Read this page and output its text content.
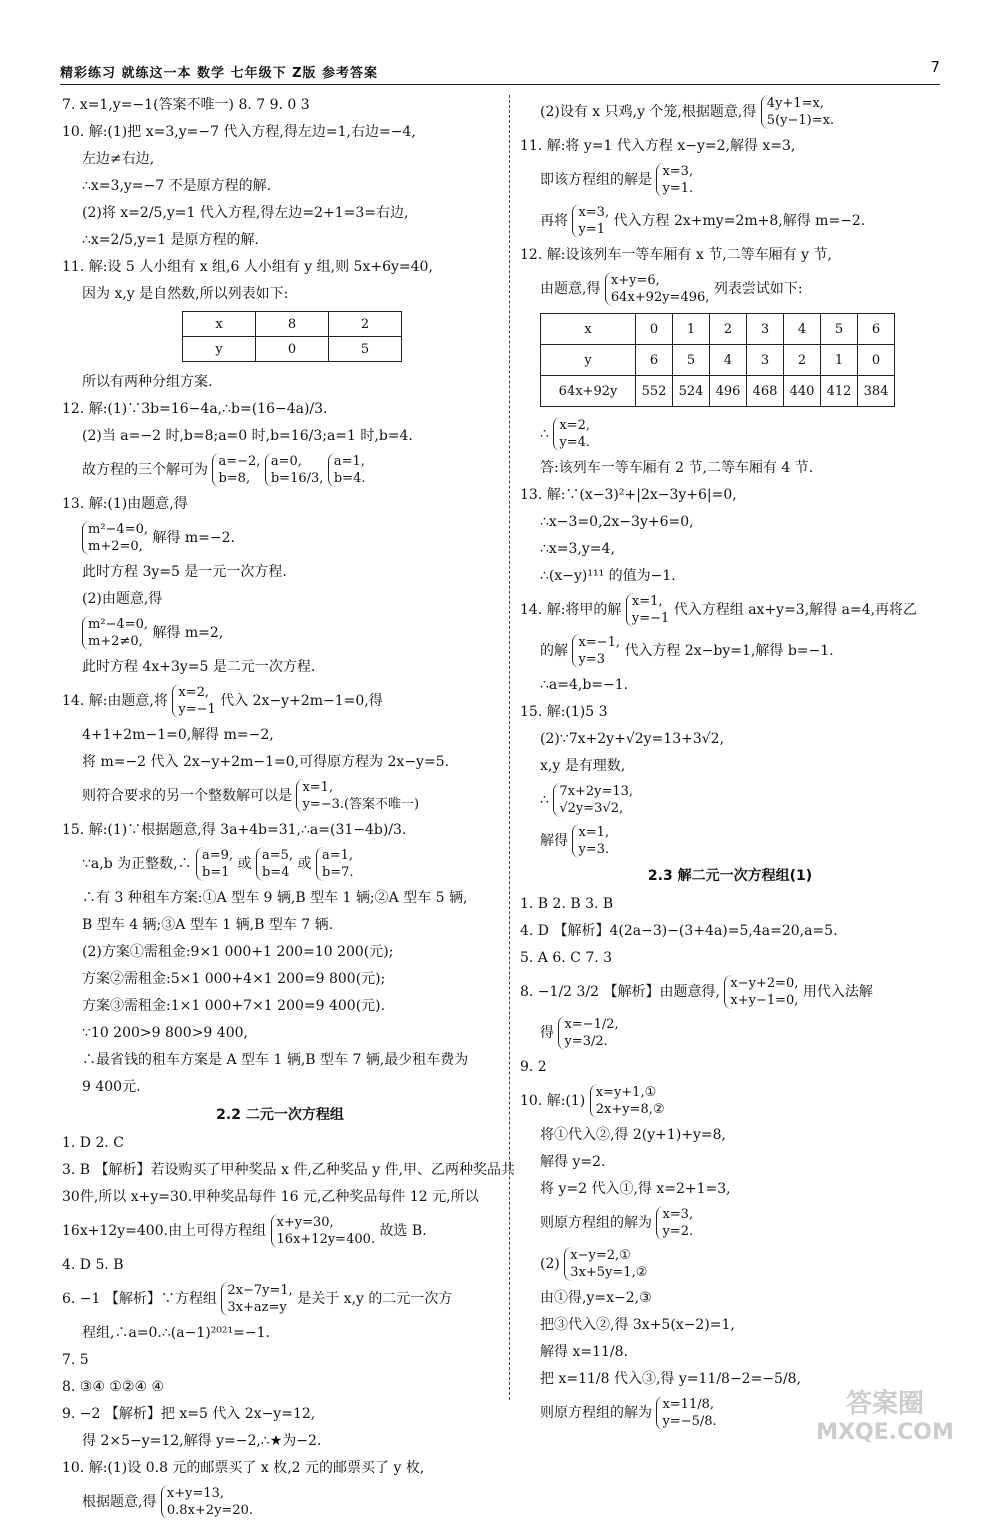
精彩练习 就练这一本 数学 七年级下 Z版 参考答案	7

7. x=1,y=−1(答案不唯一) 8. 7 9. 0 3

10. 解:(1)把 x=3,y=−7 代入方程,得左边=1,右边=−4,

左边≠右边,

∴x=3,y=−7 不是原方程的解.

(2)将 x=2/5,y=1 代入方程,得左边=2+1=3=右边,

∴x=2/5,y=1 是原方程的解.

11. 解:设 5 人小组有 x 组,6 人小组有 y 组,则 5x+6y=40,

因为 x,y 是自然数,所以列表如下:

x	8	2
y	0	5

所以有两种分组方案.

12. 解:(1)∵3b=16−4a,∴b=(16−4a)/3.

(2)当 a=−2 时,b=8;a=0 时,b=16/3;a=1 时,b=4.

故方程的三个解可为 a=−2,
b=8, a=0,
b=16/3, a=1,
b=4.

13. 解:(1)由题意,得

m²−4=0,
m+2=0, 解得 m=−2.

此时方程 3y=5 是一元一次方程.

(2)由题意,得

m²−4=0,
m+2≠0, 解得 m=2,

此时方程 4x+3y=5 是二元一次方程.

14. 解:由题意,将 x=2,
y=−1 代入 2x−y+2m−1=0,得

4+1+2m−1=0,解得 m=−2,

将 m=−2 代入 2x−y+2m−1=0,可得原方程为 2x−y=5.

则符合要求的另一个整数解可以是 x=1,
y=−3.(答案不唯一)

15. 解:(1)∵根据题意,得 3a+4b=31,∴a=(31−4b)/3.

∵a,b 为正整数,∴ a=9,
b=1 或 a=5,
b=4 或 a=1,
b=7.

∴有 3 种租车方案:①A 型车 9 辆,B 型车 1 辆;②A 型车 5 辆,

B 型车 4 辆;③A 型车 1 辆,B 型车 7 辆.

(2)方案①需租金:9×1 000+1 200=10 200(元);

方案②需租金:5×1 000+4×1 200=9 800(元);

方案③需租金:1×1 000+7×1 200=9 400(元).

∵10 200>9 800>9 400,

∴最省钱的租车方案是 A 型车 1 辆,B 型车 7 辆,最少租车费为

9 400元.

2.2 二元一次方程组

1. D 2. C

3. B 【解析】若设购买了甲种奖品 x 件,乙种奖品 y 件,甲、乙两种奖品共

30件,所以 x+y=30.甲种奖品每件 16 元,乙种奖品每件 12 元,所以

16x+12y=400.由上可得方程组 x+y=30,
16x+12y=400. 故选 B.

4. D 5. B

6. −1 【解析】∵方程组 2x−7y=1,
3x+az=y 是关于 x,y 的二元一次方

程组,∴a=0.∴(a−1)²⁰²¹=−1.

7. 5

8. ③④ ①②④ ④

9. −2 【解析】把 x=5 代入 2x−y=12,

得 2×5−y=12,解得 y=−2,∴★为−2.

10. 解:(1)设 0.8 元的邮票买了 x 枚,2 元的邮票买了 y 枚,

根据题意,得 x+y=13,
0.8x+2y=20.

(2)设有 x 只鸡,y 个笼,根据题意,得 4y+1=x,
5(y−1)=x.

11. 解:将 y=1 代入方程 x−y=2,解得 x=3,

即该方程组的解是 x=3,
y=1.

再将 x=3,
y=1 代入方程 2x+my=2m+8,解得 m=−2.

12. 解:设该列车一等车厢有 x 节,二等车厢有 y 节,

由题意,得 x+y=6,
64x+92y=496, 列表尝试如下:

x	0	1	2	3	4	5	6
y	6	5	4	3	2	1	0
64x+92y	552	524	496	468	440	412	384

∴ x=2,
y=4.

答:该列车一等车厢有 2 节,二等车厢有 4 节.

13. 解:∵(x−3)²+|2x−3y+6|=0,

∴x−3=0,2x−3y+6=0,

∴x=3,y=4,

∴(x−y)¹¹¹ 的值为−1.

14. 解:将甲的解 x=1,
y=−1 代入方程组 ax+y=3,解得 a=4,再将乙

的解 x=−1,
y=3 代入方程 2x−by=1,解得 b=−1.

∴a=4,b=−1.

15. 解:(1)5 3

(2)∵7x+2y+√2y=13+3√2,

x,y 是有理数,

∴ 7x+2y=13,
√2y=3√2,

解得 x=1,
y=3.

2.3 解二元一次方程组(1)

1. B 2. B 3. B

4. D 【解析】4(2a−3)−(3+4a)=5,4a=20,a=5.

5. A 6. C 7. 3

8. −1/2 3/2 【解析】由题意得, x−y+2=0,
x+y−1=0, 用代入法解

得 x=−1/2,
y=3/2.

9. 2

10. 解:(1) x=y+1,①
2x+y=8,②

将①代入②,得 2(y+1)+y=8,

解得 y=2.

将 y=2 代入①,得 x=2+1=3,

则原方程组的解为 x=3,
y=2.

(2) x−y=2,①
3x+5y=1,②

由①得,y=x−2,③

把③代入②,得 3x+5(x−2)=1,

解得 x=11/8.

把 x=11/8 代入③,得 y=11/8−2=−5/8,

则原方程组的解为 x=11/8,
y=−5/8.

答案圈
MXQE.COM
